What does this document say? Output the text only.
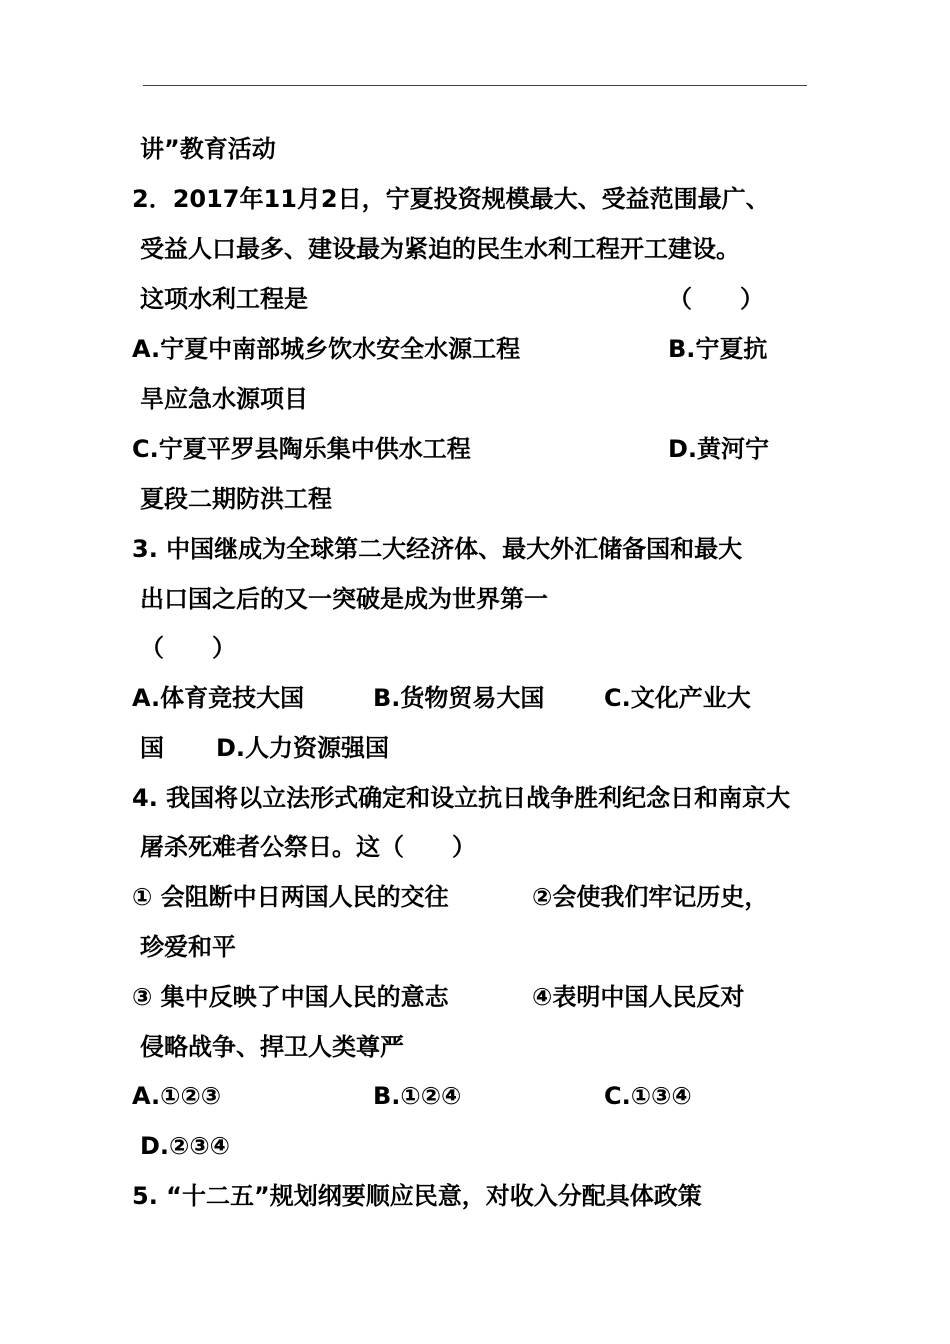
讲”教育活动
2．2017年11月2日，宁夏投资规模最大、受益范围最广、
受益人口最多、建设最为紧迫的民生水利工程开工建设。
这项水利工程是	（　　）
A.宁夏中南部城乡饮水安全水源工程	B.宁夏抗
旱应急水源项目
C.宁夏平罗县陶乐集中供水工程	D.黄河宁
夏段二期防洪工程
3. 中国继成为全球第二大经济体、最大外汇储备国和最大
出口国之后的又一突破是成为世界第一
（　　）
A.体育竞技大国	B.货物贸易大国 C.文化产业大
国 D.人力资源强国
4. 我国将以立法形式确定和设立抗日战争胜利纪念日和南京大
屠杀死难者公祭日。这（　　）
① 会阻断中日两国人民的交往	②会使我们牢记历史，
珍爱和平
③ 集中反映了中国人民的意志	④表明中国人民反对
侵略战争、捍卫人类尊严
A.①②③	B.①②④	C.①③④
D.②③④
5. “十二五”规划纲要顺应民意，对收入分配具体政策
